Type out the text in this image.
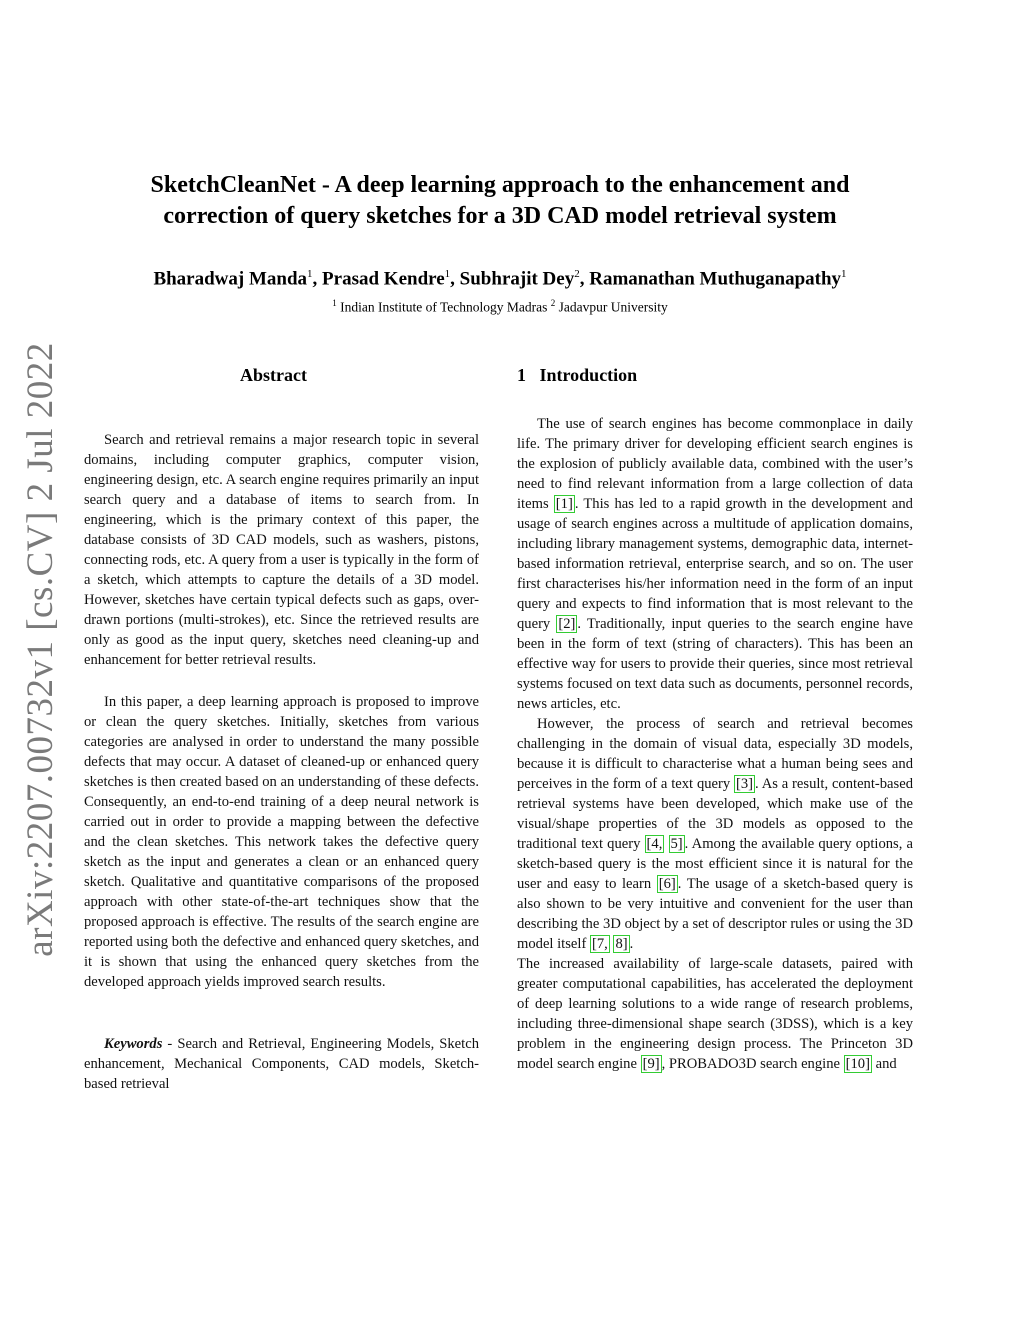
arXiv:2207.00732v1 [cs.CV] 2 Jul 2022
SketchCleanNet - A deep learning approach to the enhancement and
correction of query sketches for a 3D CAD model retrieval system
Bharadwaj Manda$^1$, Prasad Kendre$^1$, Subhrajit Dey$^2$, Ramanathan Muthuganapathy$^1$
$^1$ Indian Institute of Technology Madras $^2$ Jadavpur University
Abstract

Search and retrieval remains a major research topic in several domains, including computer graphics, computer vision, engineering design, etc. A search engine requires primarily an input search query and a database of items to search from. In engineering, which is the primary context of this paper, the database consists of 3D CAD models, such as washers, pistons, connecting rods, etc. A query from a user is typically in the form of a sketch, which attempts to capture the details of a 3D model. However, sketches have certain typical defects such as gaps, over-drawn portions (multi-strokes), etc. Since the retrieved results are only as good as the input query, sketches need cleaning-up and enhancement for better retrieval results.

In this paper, a deep learning approach is proposed to improve or clean the query sketches. Initially, sketches from various categories are analysed in order to understand the many possible defects that may occur. A dataset of cleaned-up or enhanced query sketches is then created based on an understanding of these defects. Consequently, an end-to-end training of a deep neural network is carried out in order to provide a mapping between the defective and the clean sketches. This network takes the defective query sketch as the input and generates a clean or an enhanced query sketch. Qualitative and quantitative comparisons of the proposed approach with other state-of-the-art techniques show that the proposed approach is effective. The results of the search engine are reported using both the defective and enhanced query sketches, and it is shown that using the enhanced query sketches from the developed approach yields improved search results.

Keywords - Search and Retrieval, Engineering Models, Sketch enhancement, Mechanical Components, CAD models, Sketch-based retrieval

1 Introduction

The use of search engines has become commonplace in daily life. The primary driver for developing efficient search engines is the explosion of publicly available data, combined with the user’s need to find relevant information from a large collection of data items [1] . This has led to a rapid growth in the development and usage of search engines across a multitude of application domains, including library management systems, demographic data, internet-based information retrieval, enterprise search, and so on. The user first characterises his/her information need in the form of an input query and expects to find information that is most relevant to the query [2] . Traditionally, input queries to the search engine have been in the form of text (string of characters). This has been an effective way for users to provide their queries, since most retrieval systems focused on text data such as documents, personnel records, news articles, etc.

However, the process of search and retrieval becomes challenging in the domain of visual data, especially 3D models, because it is difficult to characterise what a human being sees and perceives in the form of a text query [3] . As a result, content-based retrieval systems have been developed, which make use of the visual/shape properties of the 3D models as opposed to the traditional text query [4, 5] . Among the available query options, a sketch-based query is the most efficient since it is natural for the user and easy to learn [6] . The usage of a sketch-based query is also shown to be very intuitive and convenient for the user than describing the 3D object by a set of descriptor rules or using the 3D model itself [7, 8] .

The increased availability of large-scale datasets, paired with greater computational capabilities, has accelerated the deployment of deep learning solutions to a wide range of research problems, including three-dimensional shape search (3DSS), which is a key problem in the engineering design process. The Princeton 3D model search engine [9] , PROBADO3D search engine [10] and
